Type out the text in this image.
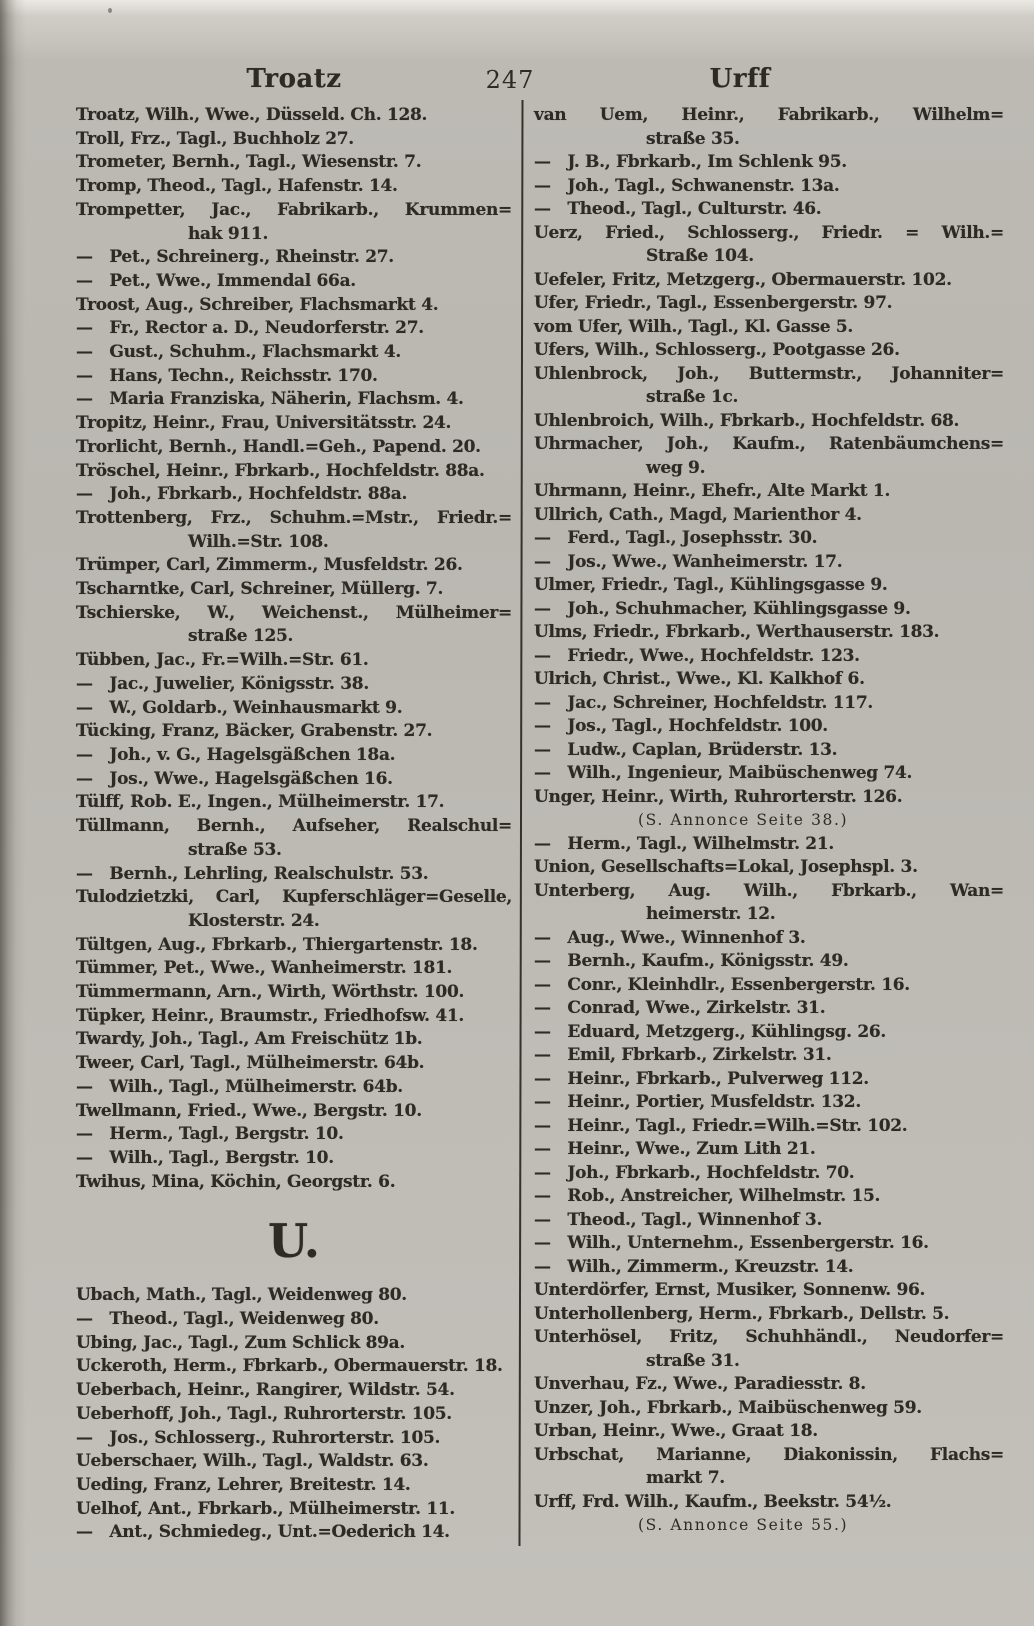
Troatz	247	Urff
Troatz, Wilh., Wwe., Düsseld. Ch. 128.
Troll, Frz., Tagl., Buchholz 27.
Trometer, Bernh., Tagl., Wiesenstr. 7.
Tromp, Theod., Tagl., Hafenstr. 14.
Trompetter, Jac., Fabrikarb., Krummen=
hak 911.
— Pet., Schreinerg., Rheinstr. 27.
— Pet., Wwe., Immendal 66a.
Troost, Aug., Schreiber, Flachsmarkt 4.
— Fr., Rector a. D., Neudorferstr. 27.
— Gust., Schuhm., Flachsmarkt 4.
— Hans, Techn., Reichsstr. 170.
— Maria Franziska, Näherin, Flachsm. 4.
Tropitz, Heinr., Frau, Universitätsstr. 24.
Trorlicht, Bernh., Handl.=Geh., Papend. 20.
Tröschel, Heinr., Fbrkarb., Hochfeldstr. 88a.
— Joh., Fbrkarb., Hochfeldstr. 88a.
Trottenberg, Frz., Schuhm.=Mstr., Friedr.=
Wilh.=Str. 108.
Trümper, Carl, Zimmerm., Musfeldstr. 26.
Tscharntke, Carl, Schreiner, Müllerg. 7.
Tschierske, W., Weichenst., Mülheimer=
straße 125.
Tübben, Jac., Fr.=Wilh.=Str. 61.
— Jac., Juwelier, Königsstr. 38.
— W., Goldarb., Weinhausmarkt 9.
Tücking, Franz, Bäcker, Grabenstr. 27.
— Joh., v. G., Hagelsgäßchen 18a.
— Jos., Wwe., Hagelsgäßchen 16.
Tülff, Rob. E., Ingen., Mülheimerstr. 17.
Tüllmann, Bernh., Aufseher, Realschul=
straße 53.
— Bernh., Lehrling, Realschulstr. 53.
Tulodzietzki, Carl, Kupferschläger=Geselle,
Klosterstr. 24.
Tültgen, Aug., Fbrkarb., Thiergartenstr. 18.
Tümmer, Pet., Wwe., Wanheimerstr. 181.
Tümmermann, Arn., Wirth, Wörthstr. 100.
Tüpker, Heinr., Braumstr., Friedhofsw. 41.
Twardy, Joh., Tagl., Am Freischütz 1b.
Tweer, Carl, Tagl., Mülheimerstr. 64b.
— Wilh., Tagl., Mülheimerstr. 64b.
Twellmann, Fried., Wwe., Bergstr. 10.
— Herm., Tagl., Bergstr. 10.
— Wilh., Tagl., Bergstr. 10.
Twihus, Mina, Köchin, Georgstr. 6.
U.
Ubach, Math., Tagl., Weidenweg 80.
— Theod., Tagl., Weidenweg 80.
Ubing, Jac., Tagl., Zum Schlick 89a.
Uckeroth, Herm., Fbrkarb., Obermauerstr. 18.
Ueberbach, Heinr., Rangirer, Wildstr. 54.
Ueberhoff, Joh., Tagl., Ruhrorterstr. 105.
— Jos., Schlosserg., Ruhrorterstr. 105.
Ueberschaer, Wilh., Tagl., Waldstr. 63.
Ueding, Franz, Lehrer, Breitestr. 14.
Uelhof, Ant., Fbrkarb., Mülheimerstr. 11.
— Ant., Schmiedeg., Unt.=Oederich 14.
van Uem, Heinr., Fabrikarb., Wilhelm=
straße 35.
— J. B., Fbrkarb., Im Schlenk 95.
— Joh., Tagl., Schwanenstr. 13a.
— Theod., Tagl., Culturstr. 46.
Uerz, Fried., Schlosserg., Friedr. = Wilh.=
Straße 104.
Uefeler, Fritz, Metzgerg., Obermauerstr. 102.
Ufer, Friedr., Tagl., Essenbergerstr. 97.
vom Ufer, Wilh., Tagl., Kl. Gasse 5.
Ufers, Wilh., Schlosserg., Pootgasse 26.
Uhlenbrock, Joh., Buttermstr., Johanniter=
straße 1c.
Uhlenbroich, Wilh., Fbrkarb., Hochfeldstr. 68.
Uhrmacher, Joh., Kaufm., Ratenbäumchens=
weg 9.
Uhrmann, Heinr., Ehefr., Alte Markt 1.
Ullrich, Cath., Magd, Marienthor 4.
— Ferd., Tagl., Josephsstr. 30.
— Jos., Wwe., Wanheimerstr. 17.
Ulmer, Friedr., Tagl., Kühlingsgasse 9.
— Joh., Schuhmacher, Kühlingsgasse 9.
Ulms, Friedr., Fbrkarb., Werthauserstr. 183.
— Friedr., Wwe., Hochfeldstr. 123.
Ulrich, Christ., Wwe., Kl. Kalkhof 6.
— Jac., Schreiner, Hochfeldstr. 117.
— Jos., Tagl., Hochfeldstr. 100.
— Ludw., Caplan, Brüderstr. 13.
— Wilh., Ingenieur, Maibüschenweg 74.
Unger, Heinr., Wirth, Ruhrorterstr. 126.
(S. Annonce Seite 38.)
— Herm., Tagl., Wilhelmstr. 21.
Union, Gesellschafts=Lokal, Josephspl. 3.
Unterberg, Aug. Wilh., Fbrkarb., Wan=
heimerstr. 12.
— Aug., Wwe., Winnenhof 3.
— Bernh., Kaufm., Königsstr. 49.
— Conr., Kleinhdlr., Essenbergerstr. 16.
— Conrad, Wwe., Zirkelstr. 31.
— Eduard, Metzgerg., Kühlingsg. 26.
— Emil, Fbrkarb., Zirkelstr. 31.
— Heinr., Fbrkarb., Pulverweg 112.
— Heinr., Portier, Musfeldstr. 132.
— Heinr., Tagl., Friedr.=Wilh.=Str. 102.
— Heinr., Wwe., Zum Lith 21.
— Joh., Fbrkarb., Hochfeldstr. 70.
— Rob., Anstreicher, Wilhelmstr. 15.
— Theod., Tagl., Winnenhof 3.
— Wilh., Unternehm., Essenbergerstr. 16.
— Wilh., Zimmerm., Kreuzstr. 14.
Unterdörfer, Ernst, Musiker, Sonnenw. 96.
Unterhollenberg, Herm., Fbrkarb., Dellstr. 5.
Unterhösel, Fritz, Schuhhändl., Neudorfer=
straße 31.
Unverhau, Fz., Wwe., Paradiesstr. 8.
Unzer, Joh., Fbrkarb., Maibüschenweg 59.
Urban, Heinr., Wwe., Graat 18.
Urbschat, Marianne, Diakonissin, Flachs=
markt 7.
Urff, Frd. Wilh., Kaufm., Beekstr. 54½.
(S. Annonce Seite 55.)
